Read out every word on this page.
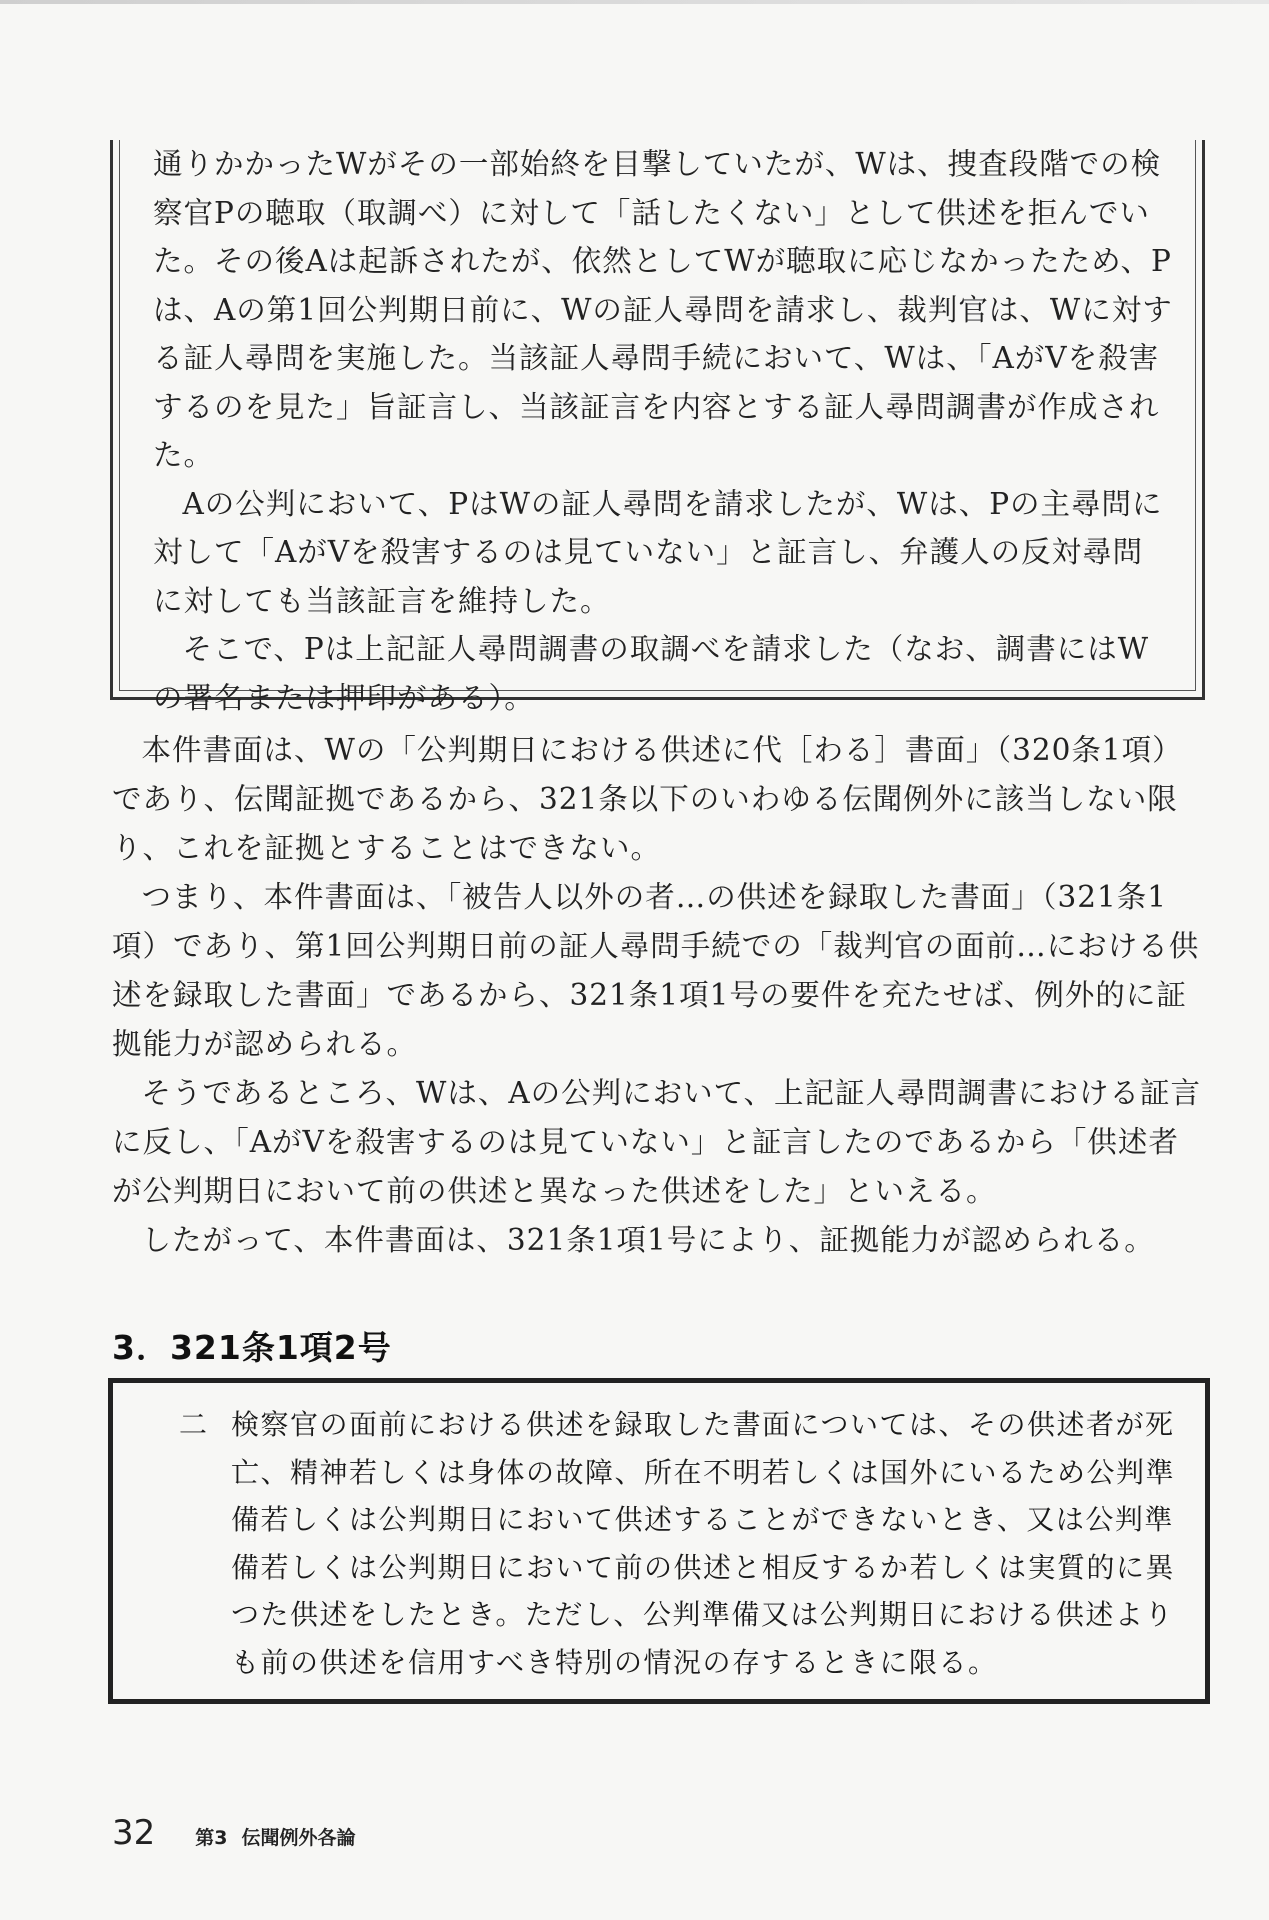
通りかかったWがその一部始終を目撃していたが、Wは、捜査段階での検察官Pの聴取（取調べ）に対して「話したくない」として供述を拒んでいた。その後Aは起訴されたが、依然としてWが聴取に応じなかったため、Pは、Aの第1回公判期日前に、Wの証人尋問を請求し、裁判官は、Wに対する証人尋問を実施した。当該証人尋問手続において、Wは、「AがVを殺害するのを見た」旨証言し、当該証言を内容とする証人尋問調書が作成された。

Aの公判において、PはWの証人尋問を請求したが、Wは、Pの主尋問に対して「AがVを殺害するのは見ていない」と証言し、弁護人の反対尋問に対しても当該証言を維持した。

そこで、Pは上記証人尋問調書の取調べを請求した（なお、調書にはWの署名または押印がある）。

本件書面は、Wの「公判期日における供述に代［わる］書面」（320条1項）であり、伝聞証拠であるから、321条以下のいわゆる伝聞例外に該当しない限り、これを証拠とすることはできない。

つまり、本件書面は、「被告人以外の者…の供述を録取した書面」（321条1項）であり、第1回公判期日前の証人尋問手続での「裁判官の面前…における供述を録取した書面」であるから、321条1項1号の要件を充たせば、例外的に証拠能力が認められる。

そうであるところ、Wは、Aの公判において、上記証人尋問調書における証言に反し、「AがVを殺害するのは見ていない」と証言したのであるから「供述者が公判期日において前の供述と異なった供述をした」といえる。

したがって、本件書面は、321条1項1号により、証拠能力が認められる。

3．321条1項2号
二 検察官の面前における供述を録取した書面については、その供述者が死亡、精神若しくは身体の故障、所在不明若しくは国外にいるため公判準備若しくは公判期日において供述することができないとき、又は公判準備若しくは公判期日において前の供述と相反するか若しくは実質的に異つた供述をしたとき。ただし、公判準備又は公判期日における供述よりも前の供述を信用すべき特別の情況の存するときに限る。
32 第3 伝聞例外各論
